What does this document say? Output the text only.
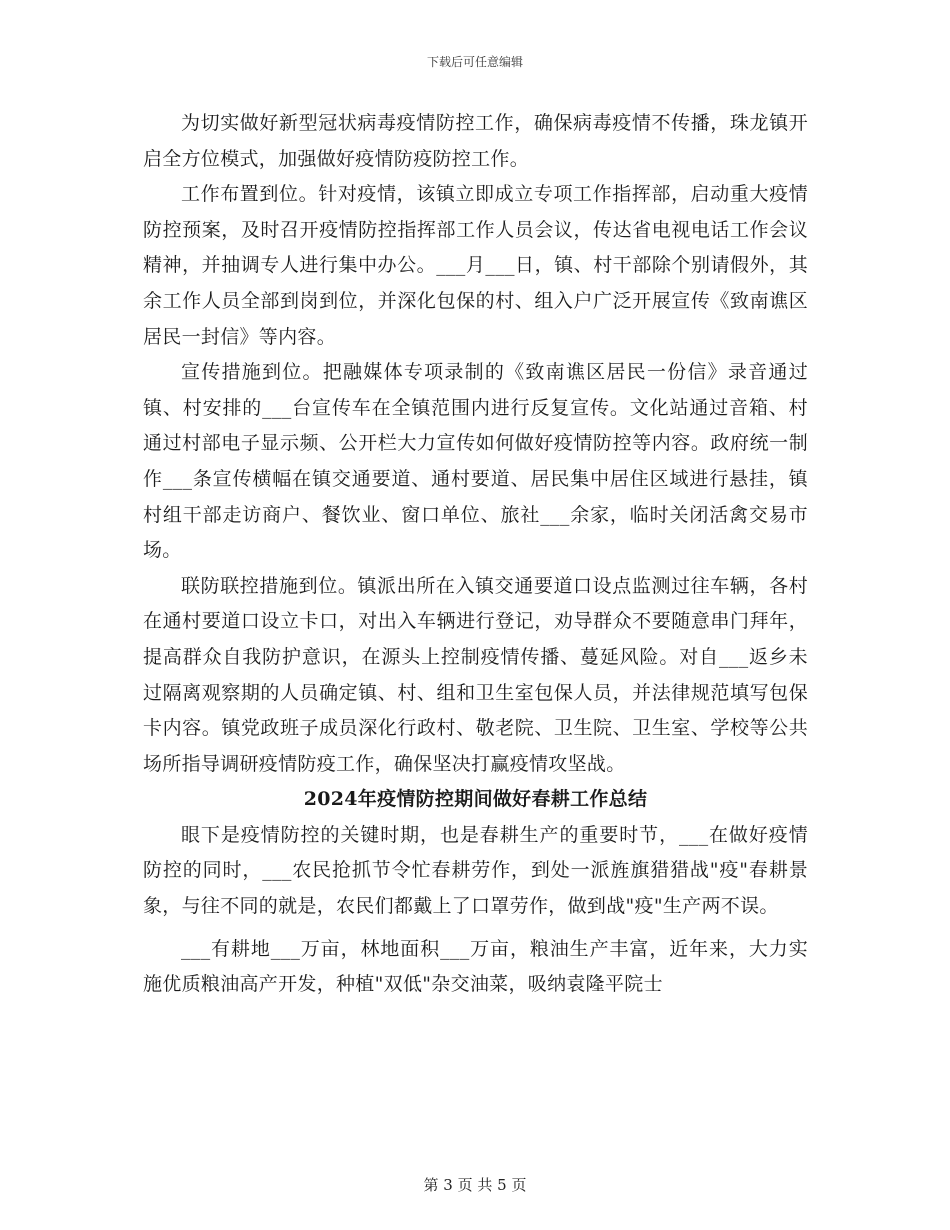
下载后可任意编辑

为切实做好新型冠状病毒疫情防控工作，确保病毒疫情不传播，珠龙镇开启全方位模式，加强做好疫情防疫防控工作。

工作布置到位。针对疫情，该镇立即成立专项工作指挥部，启动重大疫情防控预案，及时召开疫情防控指挥部工作人员会议，传达省电视电话工作会议精神，并抽调专人进行集中办公。___月___日，镇、村干部除个别请假外，其余工作人员全部到岗到位，并深化包保的村、组入户广泛开展宣传《致南谯区居民一封信》等内容。

宣传措施到位。把融媒体专项录制的《致南谯区居民一份信》录音通过镇、村安排的___台宣传车在全镇范围内进行反复宣传。文化站通过音箱、村通过村部电子显示频、公开栏大力宣传如何做好疫情防控等内容。政府统一制作___条宣传横幅在镇交通要道、通村要道、居民集中居住区域进行悬挂，镇村组干部走访商户、餐饮业、窗口单位、旅社___余家，临时关闭活禽交易市场。

联防联控措施到位。镇派出所在入镇交通要道口设点监测过往车辆，各村在通村要道口设立卡口，对出入车辆进行登记，劝导群众不要随意串门拜年，提高群众自我防护意识，在源头上控制疫情传播、蔓延风险。对自___返乡未过隔离观察期的人员确定镇、村、组和卫生室包保人员，并法律规范填写包保卡内容。镇党政班子成员深化行政村、敬老院、卫生院、卫生室、学校等公共场所指导调研疫情防疫工作，确保坚决打赢疫情攻坚战。

2024年疫情防控期间做好春耕工作总结

眼下是疫情防控的关键时期，也是春耕生产的重要时节，___在做好疫情防控的同时，___农民抢抓节令忙春耕劳作，到处一派旌旗猎猎战"疫"春耕景象，与往不同的就是，农民们都戴上了口罩劳作，做到战"疫"生产两不误。

___有耕地___万亩，林地面积___万亩，粮油生产丰富，近年来，大力实施优质粮油高产开发，种植"双低"杂交油菜，吸纳袁隆平院士

第 3 页 共 5 页
